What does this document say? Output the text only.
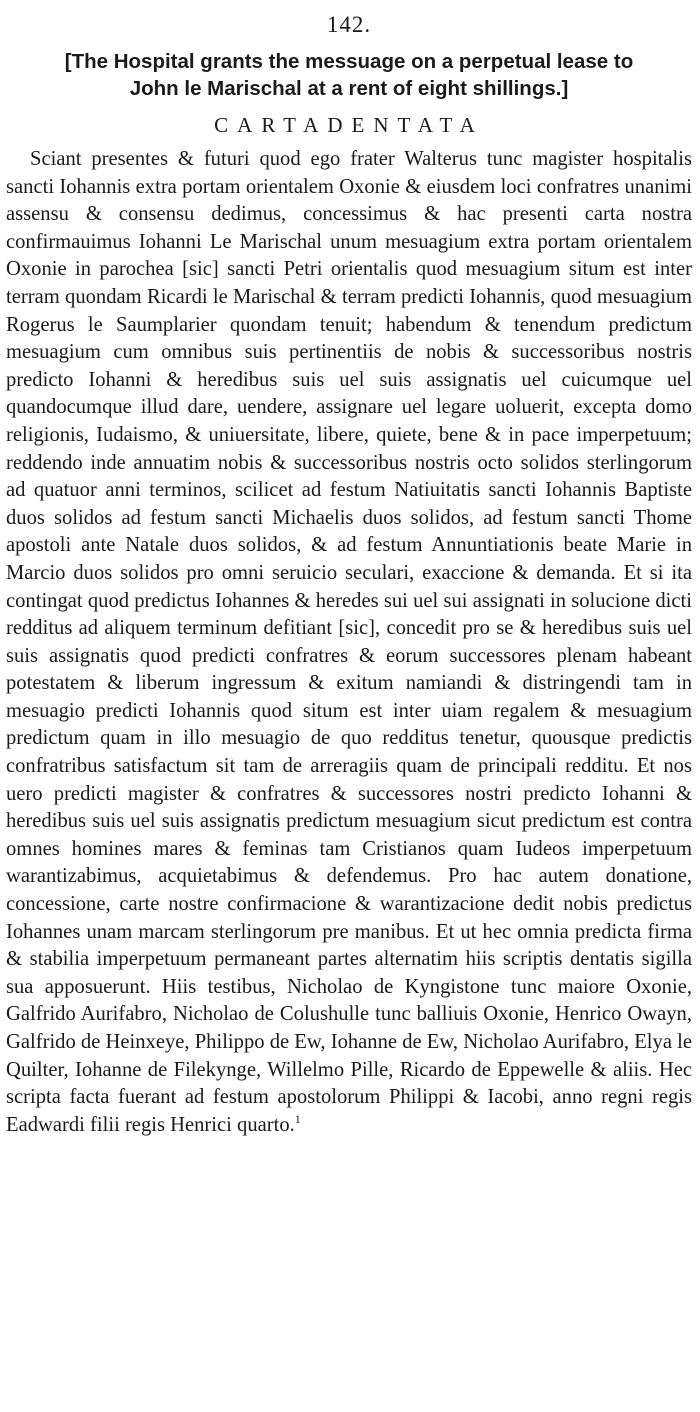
142.
[The Hospital grants the messuage on a perpetual lease to
John le Marischal at a rent of eight shillings.]
CARTADENTATA

Sciant presentes & futuri quod ego frater Walterus tunc magister hospitalis sancti Iohannis extra portam orientalem Oxonie & eiusdem loci confratres unanimi assensu & consensu dedimus, concessimus & hac presenti carta nostra confirmauimus Iohanni Le Marischal unum mesuagium extra portam orientalem Oxonie in parochea [sic] sancti Petri orientalis quod mesuagium situm est inter terram quondam Ricardi le Marischal & terram predicti Iohannis, quod mesuagium Rogerus le Saumplarier quondam tenuit; habendum & tenendum predictum mesuagium cum omnibus suis pertinentiis de nobis & successoribus nostris predicto Iohanni & heredibus suis uel suis assignatis uel cuicumque uel quandocumque illud dare, uendere, assignare uel legare uoluerit, excepta domo religionis, Iudaismo, & uniuersitate, libere, quiete, bene & in pace imperpetuum; reddendo inde annuatim nobis & successoribus nostris octo solidos sterlingorum ad quatuor anni terminos, scilicet ad festum Natiuitatis sancti Iohannis Baptiste duos solidos ad festum sancti Michaelis duos solidos, ad festum sancti Thome apostoli ante Natale duos solidos, & ad festum Annuntiationis beate Marie in Marcio duos solidos pro omni seruicio seculari, exaccione & demanda. Et si ita contingat quod predictus Iohannes & heredes sui uel sui assignati in solucione dicti redditus ad aliquem terminum defitiant [sic], concedit pro se & heredibus suis uel suis assignatis quod predicti confratres & eorum successores plenam habeant potestatem & liberum ingressum & exitum namiandi & distringendi tam in mesuagio predicti Iohannis quod situm est inter uiam regalem & mesuagium predictum quam in illo mesuagio de quo redditus tenetur, quousque predictis confratribus satisfactum sit tam de arreragiis quam de principali redditu. Et nos uero predicti magister & confratres & successores nostri predicto Iohanni & heredibus suis uel suis assignatis predictum mesuagium sicut predictum est contra omnes homines mares & feminas tam Cristianos quam Iudeos imperpetuum warantizabimus, acquietabimus & defendemus. Pro hac autem donatione, concessione, carte nostre confirmacione & warantizacione dedit nobis predictus Iohannes unam marcam sterlingorum pre manibus. Et ut hec omnia predicta firma & stabilia imperpetuum permaneant partes alternatim hiis scriptis dentatis sigilla sua apposuerunt. Hiis testibus, Nicholao de Kyngistone tunc maiore Oxonie, Galfrido Aurifabro, Nicholao de Colushulle tunc balliuis Oxonie, Henrico Owayn, Galfrido de Heinxeye, Philippo de Ew, Iohanne de Ew, Nicholao Aurifabro, Elya le Quilter, Iohanne de Filekynge, Willelmo Pille, Ricardo de Eppewelle & aliis. Hec scripta facta fuerant ad festum apostolorum Philippi & Iacobi, anno regni regis Eadwardi filii regis Henrici quarto.$^1$
